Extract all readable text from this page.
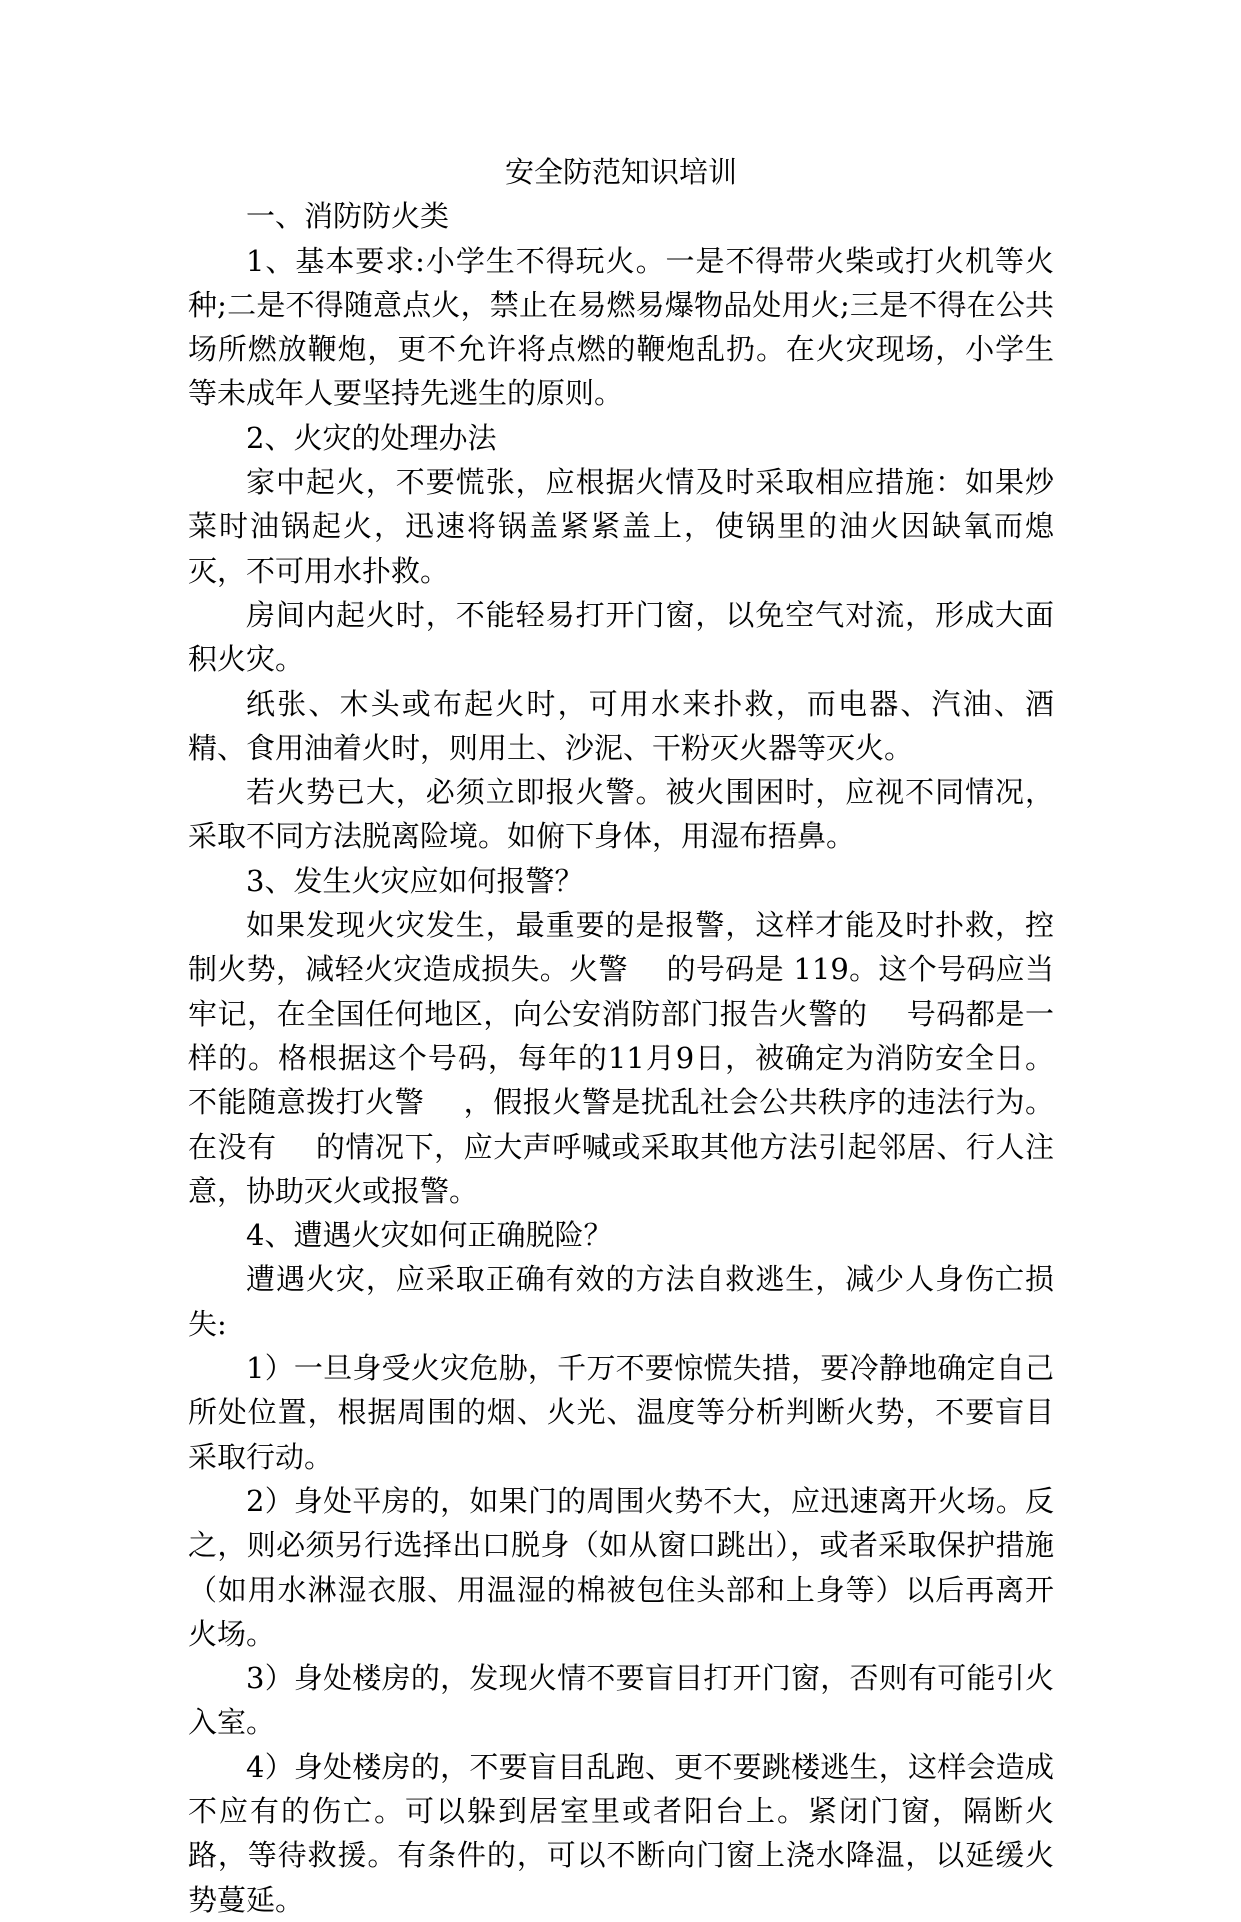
安全防范知识培训

一、消防防火类

1、基本要求:小学生不得玩火。一是不得带火柴或打火机等火种;二是不得随意点火，禁止在易燃易爆物品处用火;三是不得在公共场所燃放鞭炮，更不允许将点燃的鞭炮乱扔。在火灾现场，小学生等未成年人要坚持先逃生的原则。

2、火灾的处理办法

家中起火，不要慌张，应根据火情及时采取相应措施：如果炒菜时油锅起火，迅速将锅盖紧紧盖上，使锅里的油火因缺氧而熄灭，不可用水扑救。

房间内起火时，不能轻易打开门窗，以免空气对流，形成大面积火灾。

纸张、木头或布起火时，可用水来扑救，而电器、汽油、酒精、食用油着火时，则用土、沙泥、干粉灭火器等灭火。

若火势已大，必须立即报火警。被火围困时，应视不同情况，采取不同方法脱离险境。如俯下身体，用湿布捂鼻。

3、发生火灾应如何报警？

如果发现火灾发生，最重要的是报警，这样才能及时扑救，控制火势，减轻火灾造成损失。火警　 的号码是 119。这个号码应当牢记，在全国任何地区，向公安消防部门报告火警的　 号码都是一样的。格根据这个号码，每年的11月9日，被确定为消防安全日。不能随意拨打火警　 ，假报火警是扰乱社会公共秩序的违法行为。在没有　 的情况下，应大声呼喊或采取其他方法引起邻居、行人注意，协助灭火或报警。

4、遭遇火灾如何正确脱险？

遭遇火灾，应采取正确有效的方法自救逃生，减少人身伤亡损失:

1）一旦身受火灾危胁，千万不要惊慌失措，要冷静地确定自己所处位置，根据周围的烟、火光、温度等分析判断火势，不要盲目采取行动。

2）身处平房的，如果门的周围火势不大，应迅速离开火场。反之，则必须另行选择出口脱身（如从窗口跳出），或者采取保护措施（如用水淋湿衣服、用温湿的棉被包住头部和上身等）以后再离开火场。

3）身处楼房的，发现火情不要盲目打开门窗，否则有可能引火入室。

4）身处楼房的，不要盲目乱跑、更不要跳楼逃生，这样会造成不应有的伤亡。可以躲到居室里或者阳台上。紧闭门窗，隔断火路，等待救援。有条件的，可以不断向门窗上浇水降温，以延缓火势蔓延。
